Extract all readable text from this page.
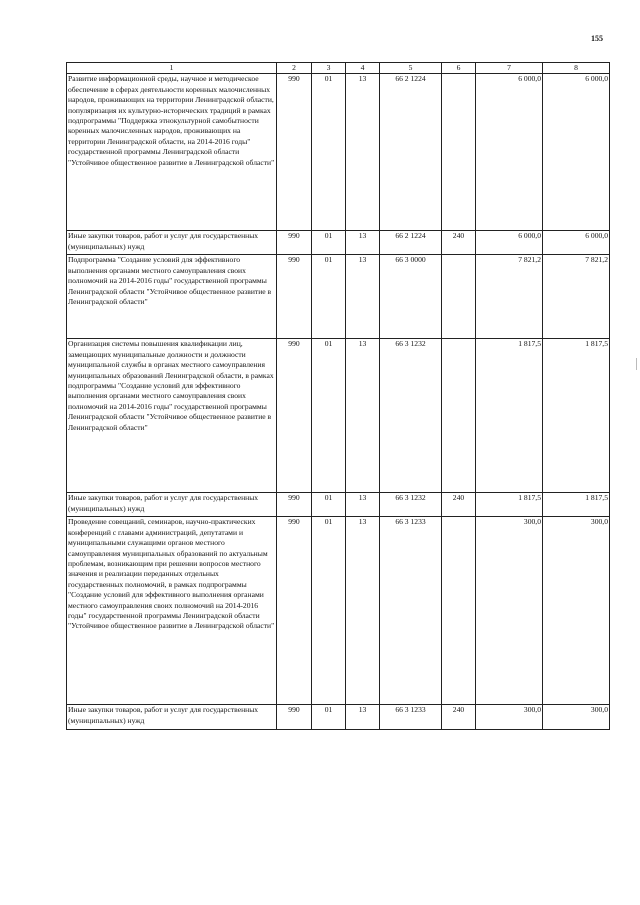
155
1	2	3	4	5	6	7	8
Развитие информационной среды, научное и методическое обеспечение в сферах деятельности коренных малочисленных народов, проживающих на территории Ленинградской области, популяризация их культурно-исторических традиций в рамках подпрограммы "Поддержка этнокультурной самобытности коренных малочисленных народов, проживающих на территории Ленинградской области, на 2014-2016 годы" государственной программы Ленинградской области "Устойчивое общественное развитие в Ленинградской области"	990	01	13	66 2 1224		6 000,0	6 000,0
Иные закупки товаров, работ и услуг для государственных (муниципальных) нужд	990	01	13	66 2 1224	240	6 000,0	6 000,0
Подпрограмма "Создание условий для эффективного выполнения органами местного самоуправления своих полномочий на 2014-2016 годы" государственной программы Ленинградской области "Устойчивое общественное развитие в Ленинградской области"	990	01	13	66 3 0000		7 821,2	7 821,2
Организация системы повышения квалификации лиц, замещающих муниципальные должности и должности муниципальной службы в органах местного самоуправления муниципальных образований Ленинградской области, в рамках подпрограммы "Создание условий для эффективного выполнения органами местного самоуправления своих полномочий на 2014-2016 годы" государственной программы Ленинградской области "Устойчивое общественное развитие в Ленинградской области"	990	01	13	66 3 1232		1 817,5	1 817,5
Иные закупки товаров, работ и услуг для государственных (муниципальных) нужд	990	01	13	66 3 1232	240	1 817,5	1 817,5
Проведение совещаний, семинаров, научно-практических конференций с главами администраций, депутатами и муниципальными служащими органов местного самоуправления муниципальных образований по актуальным проблемам, возникающим при решении вопросов местного значения и реализации переданных отдельных государственных полномочий, в рамках подпрограммы "Создание условий для эффективного выполнения органами местного самоуправления своих полномочий на 2014-2016 годы" государственной программы Ленинградской области "Устойчивое общественное развитие в Ленинградской области"	990	01	13	66 3 1233		300,0	300,0
Иные закупки товаров, работ и услуг для государственных (муниципальных) нужд	990	01	13	66 3 1233	240	300,0	300,0
